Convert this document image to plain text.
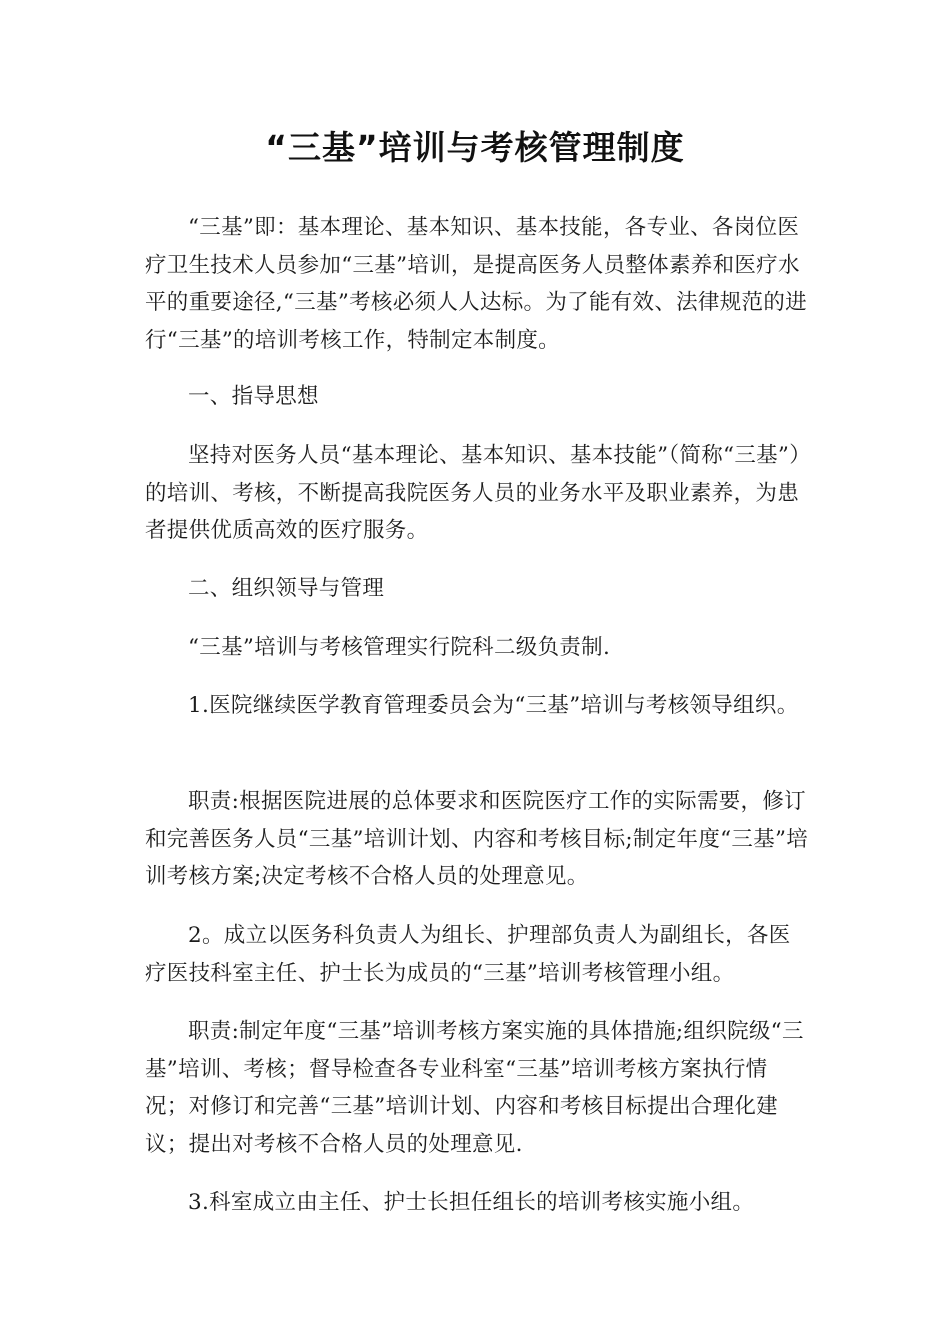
“三基”培训与考核管理制度

“三基”即：基本理论、基本知识、基本技能，各专业、各岗位医疗卫生技术人员参加“三基”培训，是提高医务人员整体素养和医疗水平的重要途径,“三基”考核必须人人达标。为了能有效、法律规范的进行“三基”的培训考核工作，特制定本制度。

一、指导思想

坚持对医务人员“基本理论、基本知识、基本技能”（简称“三基”）的培训、考核，不断提高我院医务人员的业务水平及职业素养，为患者提供优质高效的医疗服务。

二、组织领导与管理

“三基”培训与考核管理实行院科二级负责制.

1.医院继续医学教育管理委员会为“三基”培训与考核领导组织。

职责:根据医院进展的总体要求和医院医疗工作的实际需要，修订和完善医务人员“三基”培训计划、内容和考核目标;制定年度“三基”培训考核方案;决定考核不合格人员的处理意见。

2。成立以医务科负责人为组长、护理部负责人为副组长，各医疗医技科室主任、护士长为成员的“三基”培训考核管理小组。

职责:制定年度“三基”培训考核方案实施的具体措施;组织院级“三基”培训、考核；督导检查各专业科室“三基”培训考核方案执行情况；对修订和完善“三基”培训计划、内容和考核目标提出合理化建议；提出对考核不合格人员的处理意见.

3.科室成立由主任、护士长担任组长的培训考核实施小组。
